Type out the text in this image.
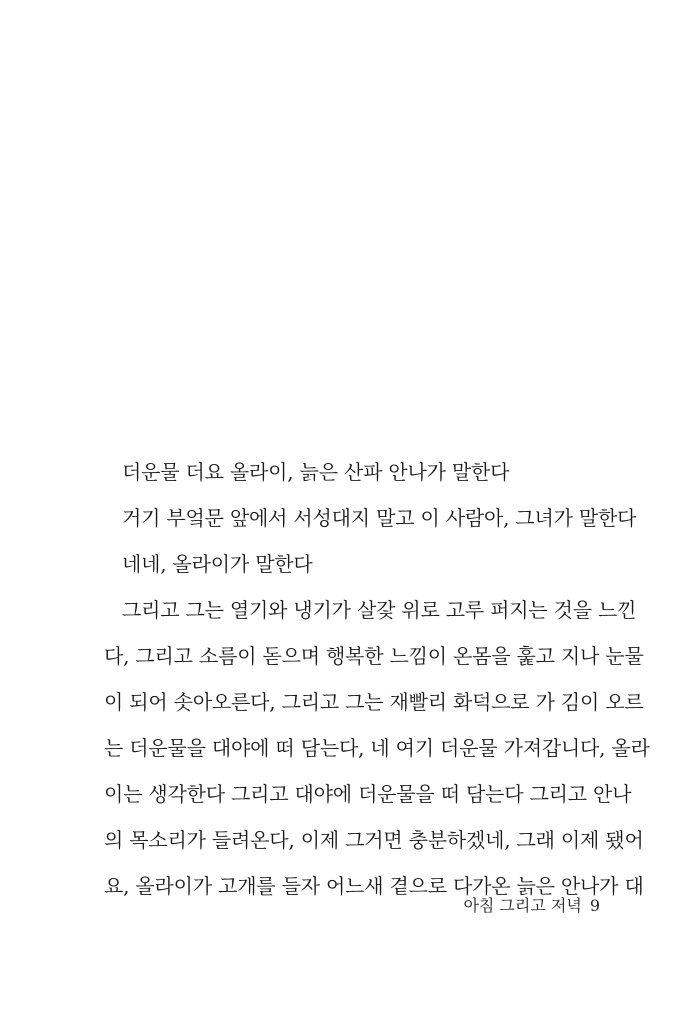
더운물 더요 올라이, 늙은 산파 안나가 말한다
거기 부엌문 앞에서 서성대지 말고 이 사람아, 그녀가 말한다
네네, 올라이가 말한다
그리고 그는 열기와 냉기가 살갗 위로 고루 퍼지는 것을 느낀
다, 그리고 소름이 돋으며 행복한 느낌이 온몸을 훑고 지나 눈물
이 되어 솟아오른다, 그리고 그는 재빨리 화덕으로 가 김이 오르
는 더운물을 대야에 떠 담는다, 네 여기 더운물 가져갑니다, 올라
이는 생각한다 그리고 대야에 더운물을 떠 담는다 그리고 안나
의 목소리가 들려온다, 이제 그거면 충분하겠네, 그래 이제 됐어
요, 올라이가 고개를 들자 어느새 곁으로 다가온 늙은 안나가 대
아침 그리고 저녁 9
